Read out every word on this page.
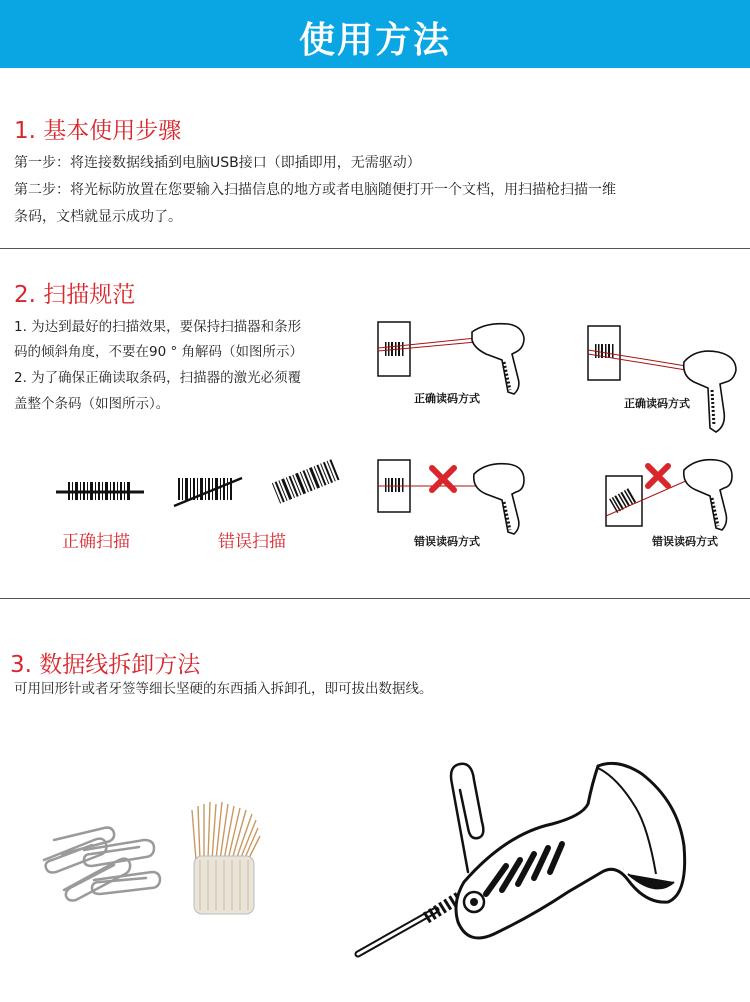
使用方法
1. 基本使用步骤
第一步：将连接数据线插到电脑USB接口（即插即用，无需驱动）
第二步：将光标防放置在您要输入扫描信息的地方或者电脑随便打开一个文档，用扫描枪扫描一维
条码，文档就显示成功了。
2. 扫描规范
1. 为达到最好的扫描效果，要保持扫描器和条形
码的倾斜角度，不要在90 ° 角解码（如图所示）
2. 为了确保正确读取条码，扫描器的激光必须覆
盖整个条码（如图所示）。
正确扫描	错误扫描
正确读码方式	正确读码方式
错误读码方式	错误读码方式
3. 数据线拆卸方法
可用回形针或者牙签等细长坚硬的东西插入拆卸孔，即可拔出数据线。
